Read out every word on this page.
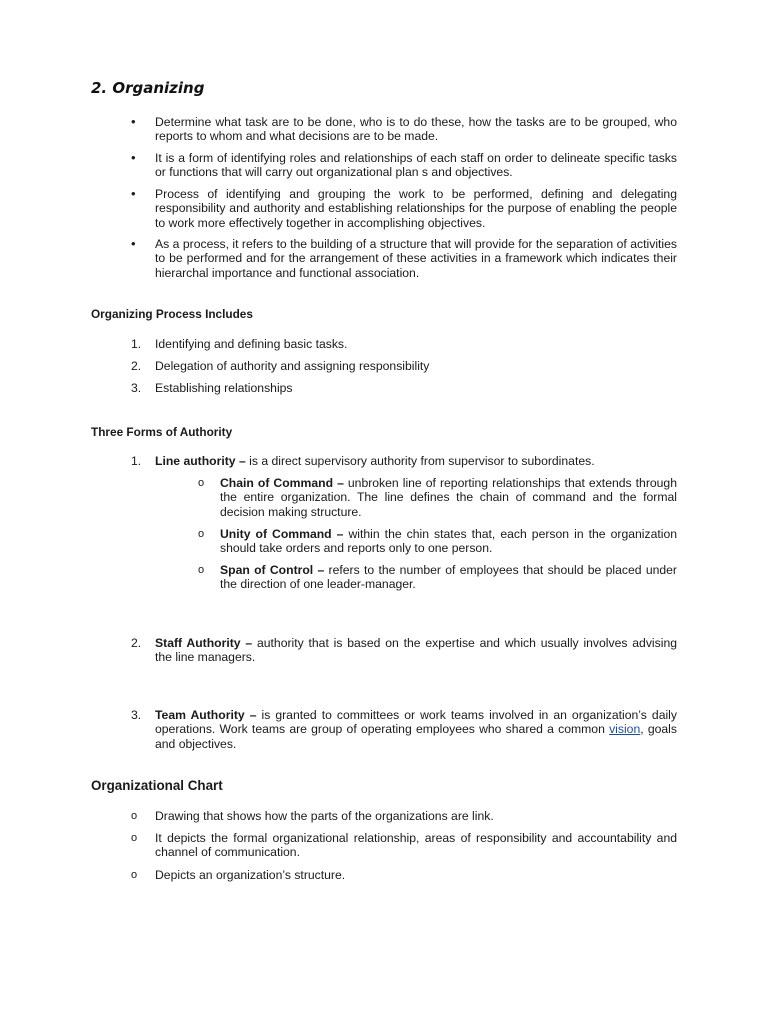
2. Organizing
• Determine what task are to be done, who is to do these, how the tasks are to be grouped, who reports to whom and what decisions are to be made.
• It is a form of identifying roles and relationships of each staff on order to delineate specific tasks or functions that will carry out organizational plan s and objectives.
• Process of identifying and grouping the work to be performed, defining and delegating responsibility and authority and establishing relationships for the purpose of enabling the people to work more effectively together in accomplishing objectives.
• As a process, it refers to the building of a structure that will provide for the separation of activities to be performed and for the arrangement of these activities in a framework which indicates their hierarchal importance and functional association.
Organizing Process Includes
1. Identifying and defining basic tasks.
2. Delegation of authority and assigning responsibility
3. Establishing relationships
Three Forms of Authority
1. Line authority – is a direct supervisory authority from supervisor to subordinates.
o Chain of Command – unbroken line of reporting relationships that extends through the entire organization. The line defines the chain of command and the formal decision making structure.
o Unity of Command – within the chin states that, each person in the organization should take orders and reports only to one person.
o Span of Control – refers to the number of employees that should be placed under the direction of one leader-manager.
2. Staff Authority – authority that is based on the expertise and which usually involves advising the line managers.
3. Team Authority – is granted to committees or work teams involved in an organization’s daily operations. Work teams are group of operating employees who shared a common vision, goals and objectives.
Organizational Chart
o Drawing that shows how the parts of the organizations are link.
o It depicts the formal organizational relationship, areas of responsibility and accountability and channel of communication.
o Depicts an organization’s structure.
